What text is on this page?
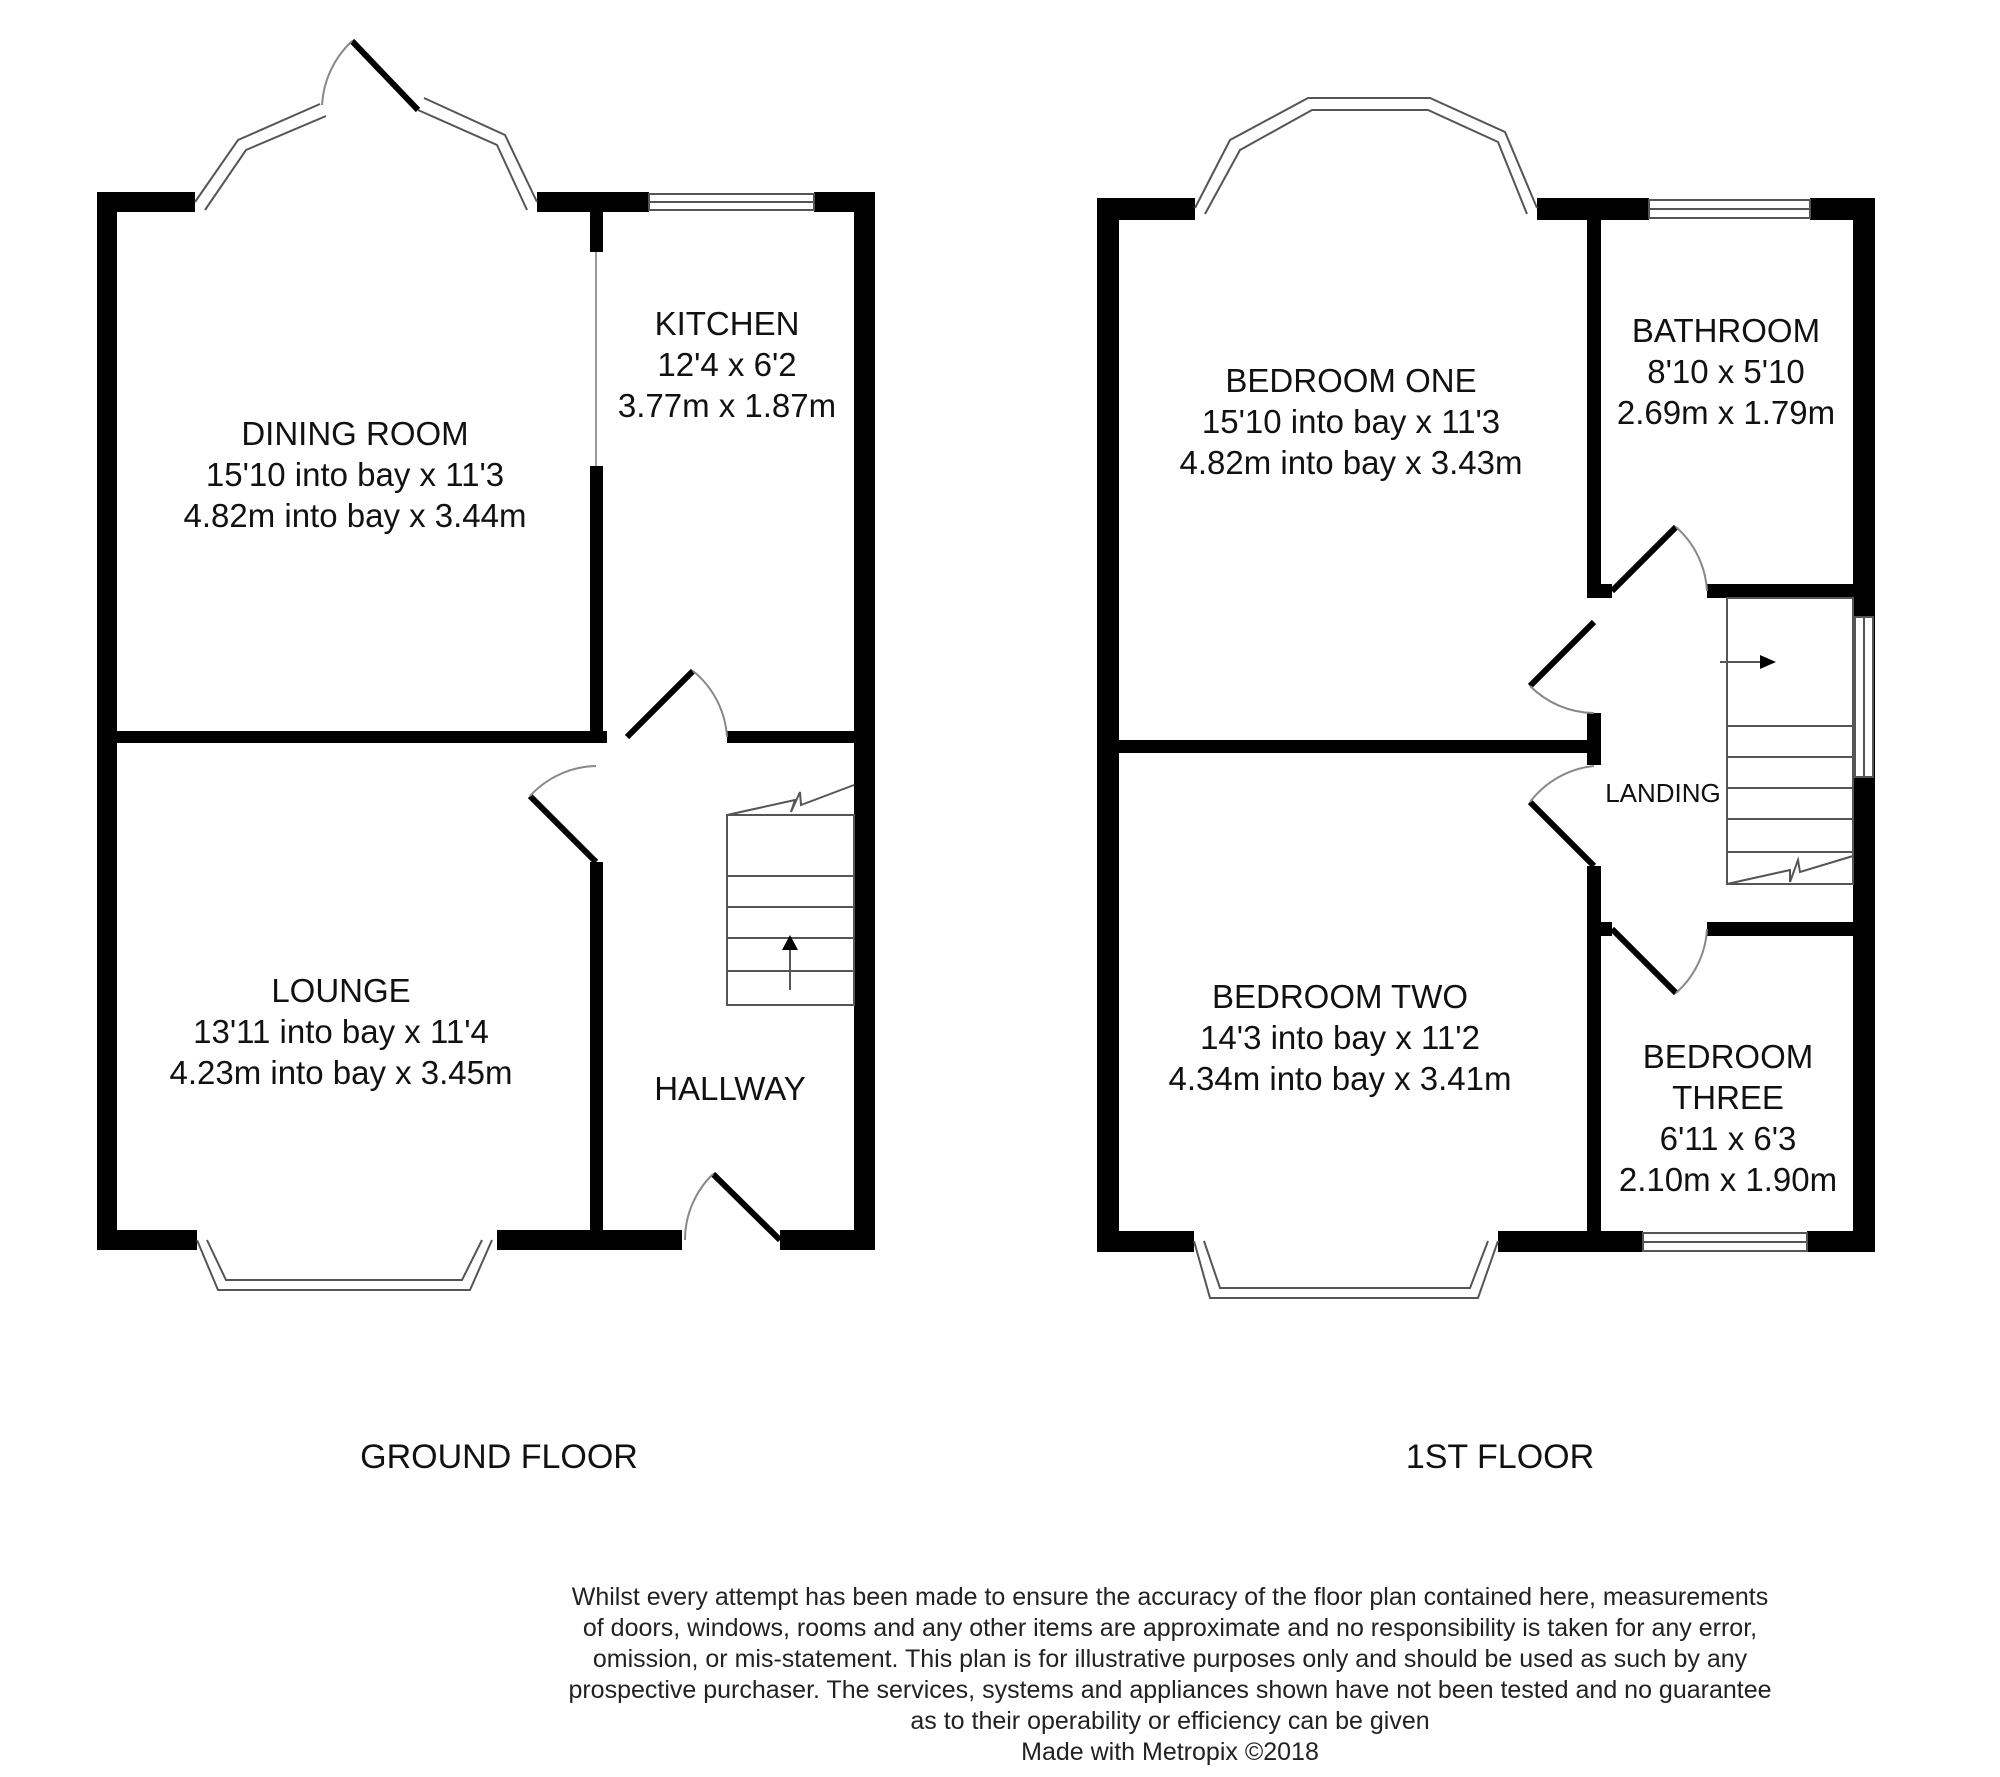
DINING ROOM
15'10 into bay x 11'3
4.82m into bay x 3.44m
KITCHEN
12'4 x 6'2
3.77m x 1.87m
LOUNGE
13'11 into bay x 11'4
4.23m into bay x 3.45m	HALLWAY
BEDROOM ONE
15'10 into bay x 11'3
4.82m into bay x 3.43m
BATHROOM
8'10 x 5'10
2.69m x 1.79m
BEDROOM TWO
14'3 into bay x 11'2
4.34m into bay x 3.41m
BEDROOM
THREE
6'11 x 6'3
2.10m x 1.90m
LANDING
GROUND FLOOR	1ST FLOOR
Whilst every attempt has been made to ensure the accuracy of the floor plan contained here, measurements
of doors, windows, rooms and any other items are approximate and no responsibility is taken for any error,
omission, or mis-statement. This plan is for illustrative purposes only and should be used as such by any
prospective purchaser. The services, systems and appliances shown have not been tested and no guarantee
as to their operability or efficiency can be given
Made with Metropix ©2018
